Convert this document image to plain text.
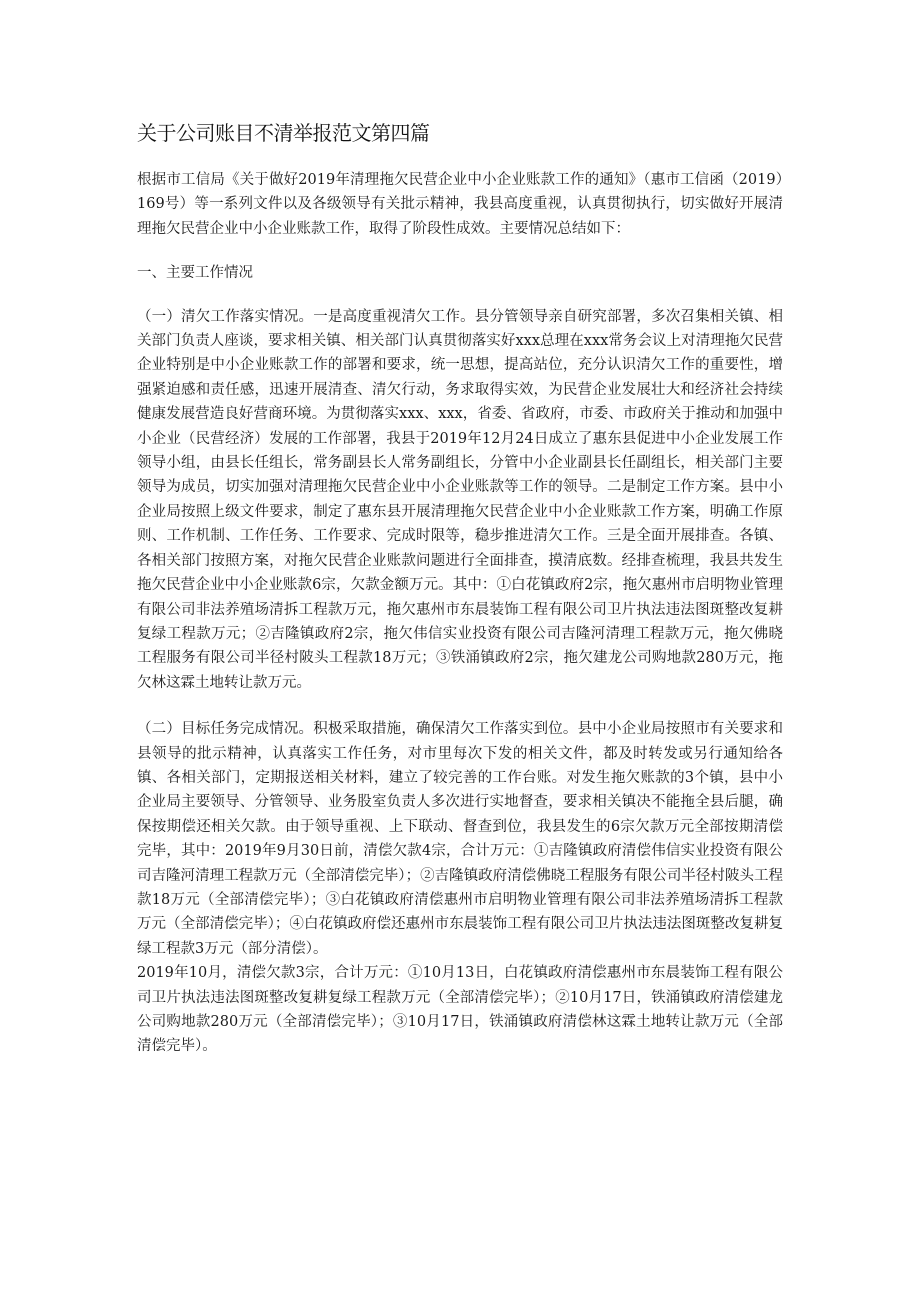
关于公司账目不清举报范文第四篇

根据市工信局《关于做好2019年清理拖欠民营企业中小企业账款工作的通知》（惠市工信函（2019）169号）等一系列文件以及各级领导有关批示精神，我县高度重视，认真贯彻执行，切实做好开展清理拖欠民营企业中小企业账款工作，取得了阶段性成效。主要情况总结如下：

一、主要工作情况

（一）清欠工作落实情况。一是高度重视清欠工作。县分管领导亲自研究部署，多次召集相关镇、相关部门负责人座谈，要求相关镇、相关部门认真贯彻落实好xxx总理在xxx常务会议上对清理拖欠民营企业特别是中小企业账款工作的部署和要求，统一思想，提高站位，充分认识清欠工作的重要性，增强紧迫感和责任感，迅速开展清查、清欠行动，务求取得实效，为民营企业发展壮大和经济社会持续健康发展营造良好营商环境。为贯彻落实xxx、xxx，省委、省政府，市委、市政府关于推动和加强中小企业（民营经济）发展的工作部署，我县于2019年12月24日成立了惠东县促进中小企业发展工作领导小组，由县长任组长，常务副县长人常务副组长，分管中小企业副县长任副组长，相关部门主要领导为成员，切实加强对清理拖欠民营企业中小企业账款等工作的领导。二是制定工作方案。县中小企业局按照上级文件要求，制定了惠东县开展清理拖欠民营企业中小企业账款工作方案，明确工作原则、工作机制、工作任务、工作要求、完成时限等，稳步推进清欠工作。三是全面开展排查。各镇、各相关部门按照方案，对拖欠民营企业账款问题进行全面排查，摸清底数。经排查梳理，我县共发生拖欠民营企业中小企业账款6宗，欠款金额万元。其中：①白花镇政府2宗，拖欠惠州市启明物业管理有限公司非法养殖场清拆工程款万元，拖欠惠州市东晨装饰工程有限公司卫片执法违法图斑整改复耕复绿工程款万元；②吉隆镇政府2宗，拖欠伟信实业投资有限公司吉隆河清理工程款万元，拖欠佛晓工程服务有限公司半径村陂头工程款18万元；③铁涌镇政府2宗，拖欠建龙公司购地款280万元，拖欠林这霖土地转让款万元。

（二）目标任务完成情况。积极采取措施，确保清欠工作落实到位。县中小企业局按照市有关要求和县领导的批示精神，认真落实工作任务，对市里每次下发的相关文件，都及时转发或另行通知给各镇、各相关部门，定期报送相关材料，建立了较完善的工作台账。对发生拖欠账款的3个镇，县中小企业局主要领导、分管领导、业务股室负责人多次进行实地督查，要求相关镇决不能拖全县后腿，确保按期偿还相关欠款。由于领导重视、上下联动、督查到位，我县发生的6宗欠款万元全部按期清偿完毕，其中：2019年9月30日前，清偿欠款4宗，合计万元：①吉隆镇政府清偿伟信实业投资有限公司吉隆河清理工程款万元（全部清偿完毕）；②吉隆镇政府清偿佛晓工程服务有限公司半径村陂头工程款18万元（全部清偿完毕）；③白花镇政府清偿惠州市启明物业管理有限公司非法养殖场清拆工程款万元（全部清偿完毕）；④白花镇政府偿还惠州市东晨装饰工程有限公司卫片执法违法图斑整改复耕复绿工程款3万元（部分清偿）。

2019年10月，清偿欠款3宗，合计万元：①10月13日，白花镇政府清偿惠州市东晨装饰工程有限公司卫片执法违法图斑整改复耕复绿工程款万元（全部清偿完毕）；②10月17日，铁涌镇政府清偿建龙公司购地款280万元（全部清偿完毕）；③10月17日，铁涌镇政府清偿林这霖土地转让款万元（全部清偿完毕）。
